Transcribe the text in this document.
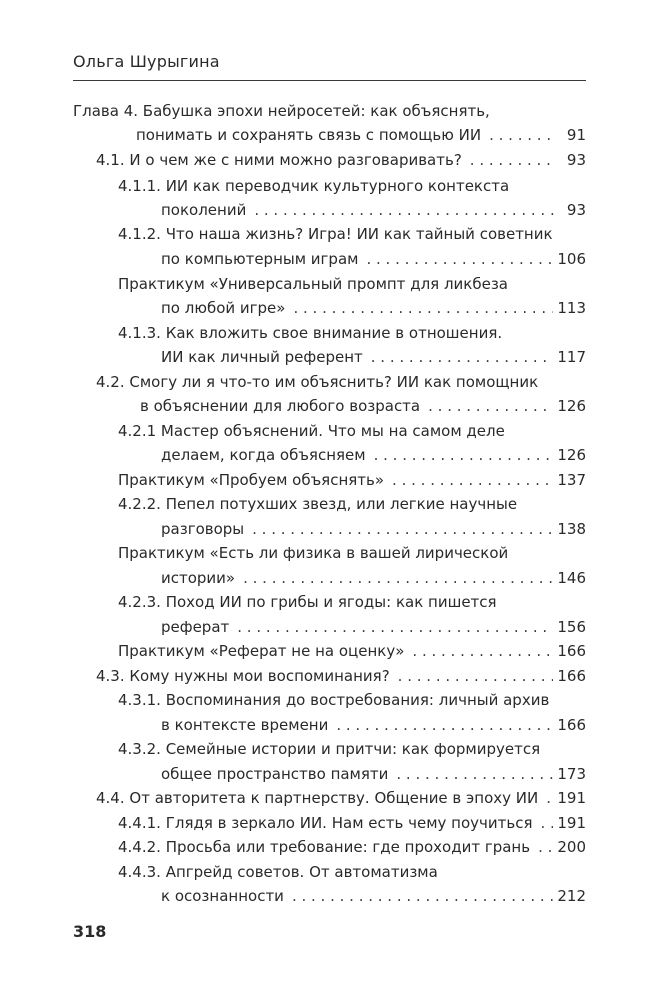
Ольга Шурыгина
Глава 4. Бабушка эпохи нейросетей: как объяснять,
понимать и сохранять связь с помощью ИИ . . .	91
4.1. И о чем же с ними можно разговаривать? . . .	93
4.1.1. ИИ как переводчик культурного контекста
поколений . . .	93
4.1.2. Что наша жизнь? Игра! ИИ как тайный советник
по компьютерным играм . . .	106
Практикум «Универсальный промпт для ликбеза
по любой игре» . . .	113
4.1.3. Как вложить свое внимание в отношения.
ИИ как личный референт . . .	117
4.2. Смогу ли я что-то им объяснить? ИИ как помощник
в объяснении для любого возраста . . .	126
4.2.1 Мастер объяснений. Что мы на самом деле
делаем, когда объясняем . . .	126
Практикум «Пробуем объяснять» . . .	137
4.2.2. Пепел потухших звезд, или легкие научные
разговоры . . .	138
Практикум «Есть ли физика в вашей лирической
истории» . . .	146
4.2.3. Поход ИИ по грибы и ягоды: как пишется
реферат . . .	156
Практикум «Реферат не на оценку» . . .	166
4.3. Кому нужны мои воспоминания? . . .	166
4.3.1. Воспоминания до востребования: личный архив
в контексте времени . . .	166
4.3.2. Семейные истории и притчи: как формируется
общее пространство памяти . . .	173
4.4. От авторитета к партнерству. Общение в эпоху ИИ . . . 191
4.4.1. Глядя в зеркало ИИ. Нам есть чему поучиться . . . 191
4.4.2. Просьба или требование: где проходит грань . . . 200
4.4.3. Апгрейд советов. От автоматизма
к осознанности . . .	212
318
